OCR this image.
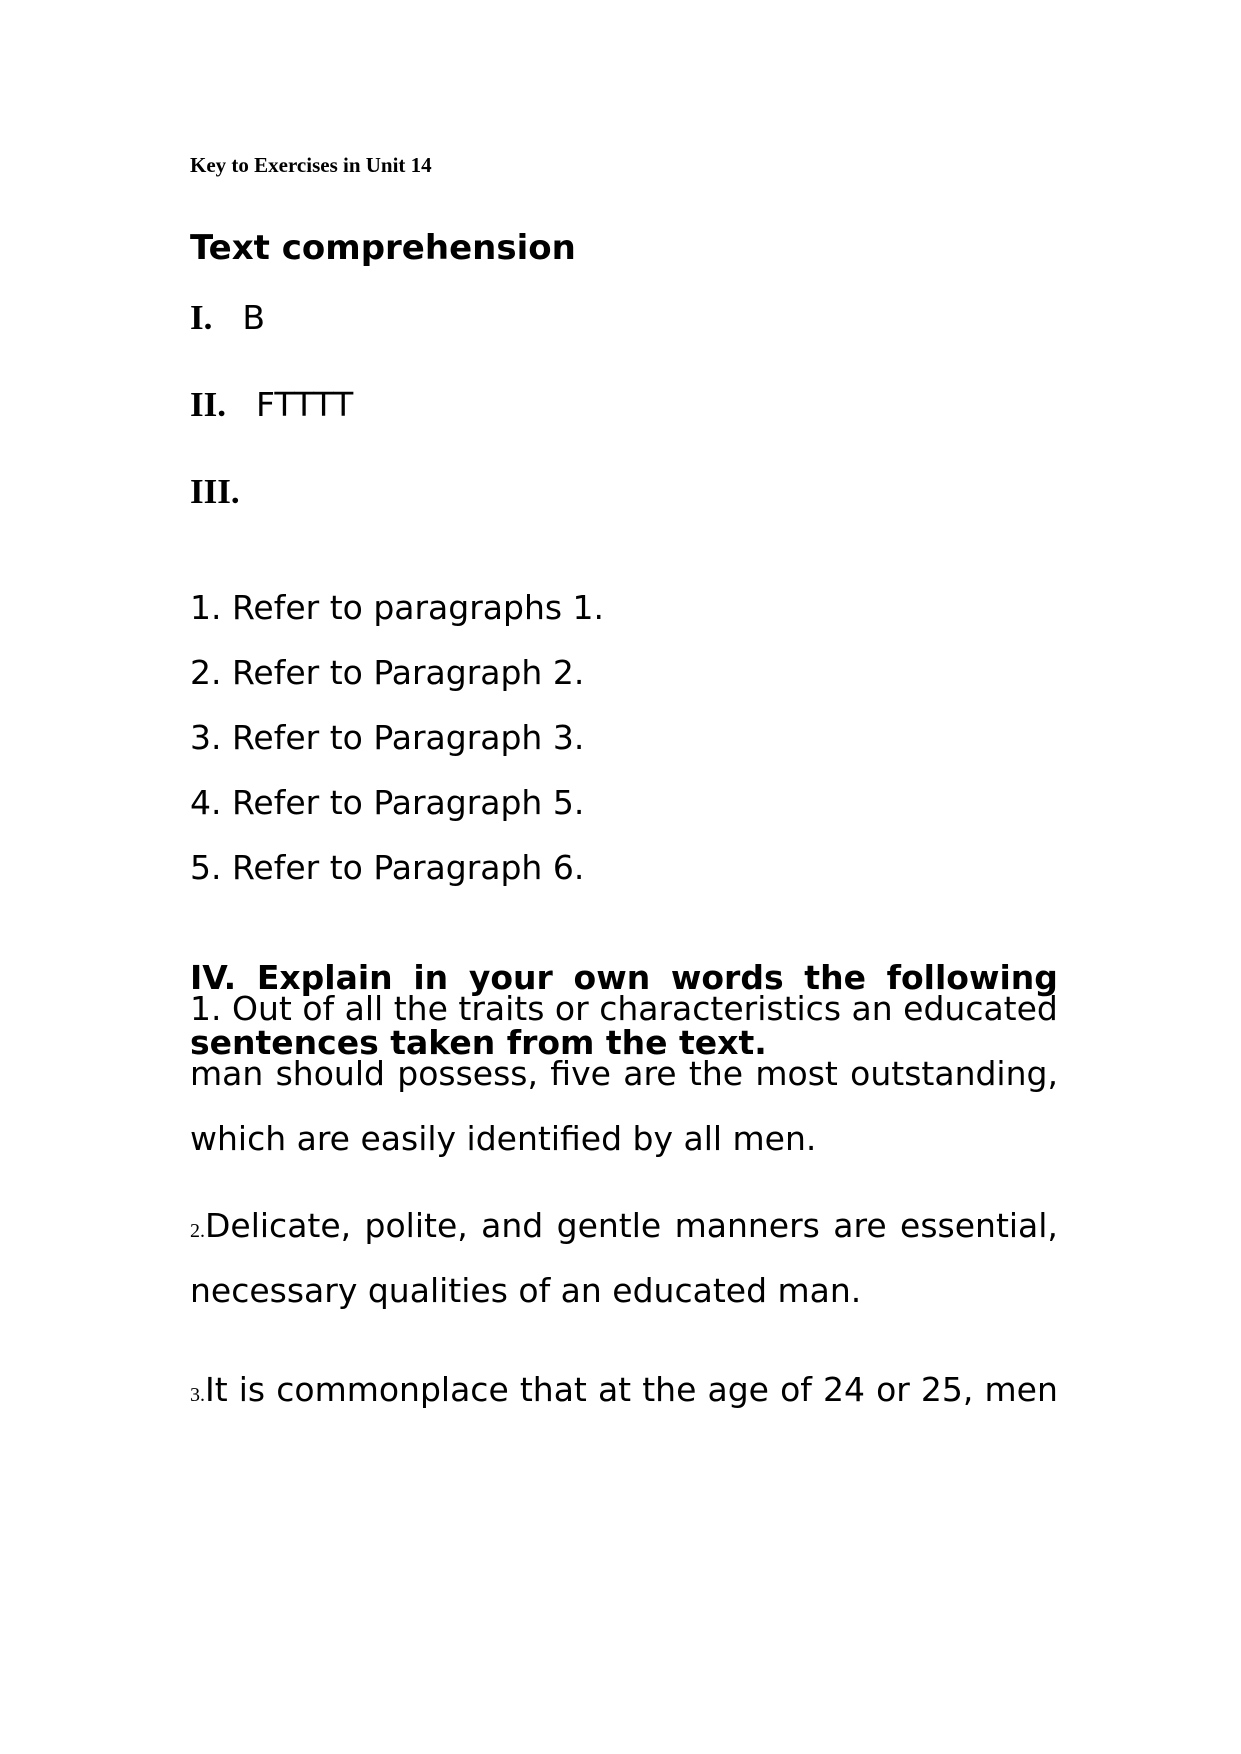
Key to Exercises in Unit 14
Text comprehension
I. B
II. FTTTT
III.
1. Refer to paragraphs 1.
2. Refer to Paragraph 2.
3. Refer to Paragraph 3.
4. Refer to Paragraph 5.
5. Refer to Paragraph 6.
IV. Explain in your own words the following
sentences taken from the text.
1. Out of all the traits or characteristics an educated
man should possess, five are the most outstanding,
which are easily identified by all men.
2.Delicate, polite, and gentle manners are essential,
necessary qualities of an educated man.
3.It is commonplace that at the age of 24 or 25, men
